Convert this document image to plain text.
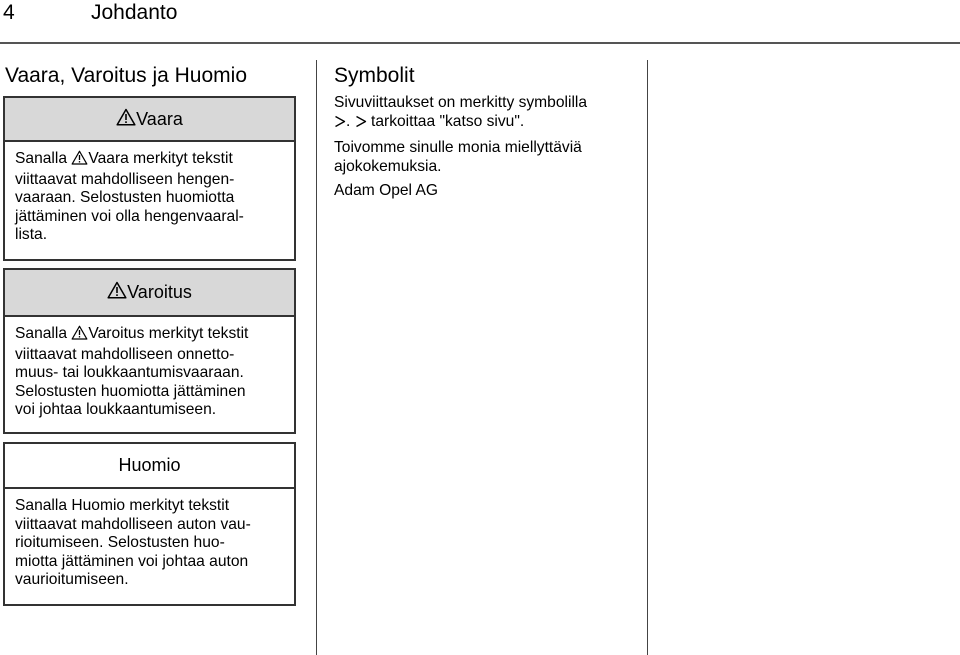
4	Johdanto
Vaara, Varoitus ja Huomio
Vaara

Sanalla Vaara merkityt tekstit
viittaavat mahdolliseen hengen-
vaaraan. Selostusten huomiotta
jättäminen voi olla hengenvaaral-
lista.

Varoitus

Sanalla Varoitus merkityt tekstit
viittaavat mahdolliseen onnetto-
muus- tai loukkaantumisvaaraan.
Selostusten huomiotta jättäminen
voi johtaa loukkaantumiseen.

Huomio

Sanalla Huomio merkityt tekstit
viittaavat mahdolliseen auton vau-
rioitumiseen. Selostusten huo-
miotta jättäminen voi johtaa auton
vaurioitumiseen.

Symbolit

Sivuviittaukset on merkitty symbolilla
.  tarkoittaa "katso sivu".

Toivomme sinulle monia miellyttäviä
ajokokemuksia.

Adam Opel AG
